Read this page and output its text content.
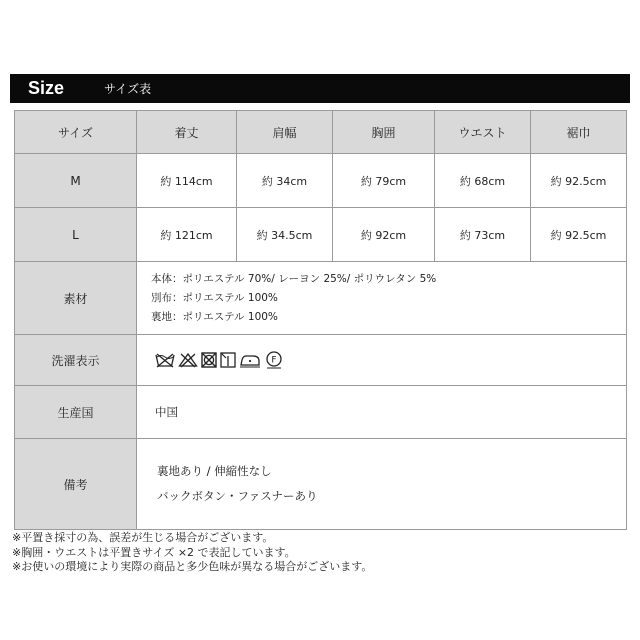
Size	サイズ表
サイズ	着丈	肩幅	胸囲	ウエスト	裾巾
M	約 114cm	約 34cm	約 79cm	約 68cm	約 92.5cm
L	約 121cm	約 34.5cm	約 92cm	約 73cm	約 92.5cm
素材	本体：ポリエステル 70%/ レーヨン 25%/ ポリウレタン 5%
別布：ポリエステル 100%
裏地：ポリエステル 100%				

洗濯表示	F				

生産国	中国				
備考	裏地あり / 伸縮性なし
バックボタン・ファスナーあり				
※平置き採寸の為、誤差が生じる場合がございます。
※胸囲・ウエストは平置きサイズ ×2 で表記しています。
※お使いの環境により実際の商品と多少色味が異なる場合がございます。
